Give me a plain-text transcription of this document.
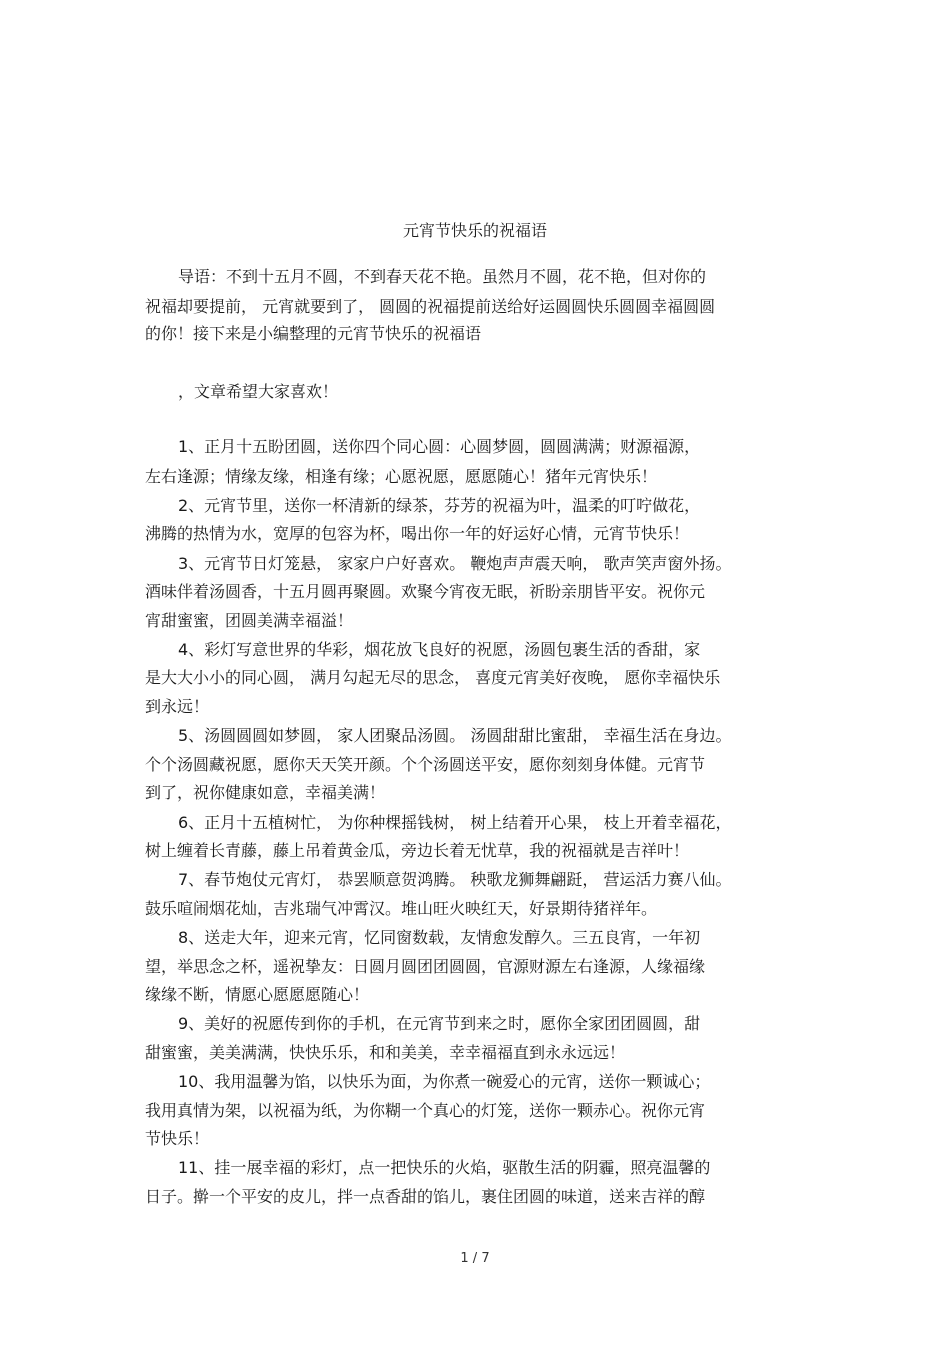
元宵节快乐的祝福语
导语：不到十五月不圆，不到春天花不艳。虽然月不圆，花不艳，但对你的
祝福却要提前， 元宵就要到了， 圆圆的祝福提前送给好运圆圆快乐圆圆幸福圆圆
的你！接下来是小编整理的元宵节快乐的祝福语
，文章希望大家喜欢！
1、正月十五盼团圆，送你四个同心圆：心圆梦圆，圆圆满满；财源福源，
左右逢源；情缘友缘，相逢有缘；心愿祝愿，愿愿随心！猪年元宵快乐！
2、元宵节里，送你一杯清新的绿茶，芬芳的祝福为叶，温柔的叮咛做花，
沸腾的热情为水，宽厚的包容为杯，喝出你一年的好运好心情，元宵节快乐！
3、元宵节日灯笼悬， 家家户户好喜欢。 鞭炮声声震天响， 歌声笑声窗外扬。
酒味伴着汤圆香，十五月圆再聚圆。欢聚今宵夜无眠，祈盼亲朋皆平安。祝你元
宵甜蜜蜜，团圆美满幸福溢！
4、彩灯写意世界的华彩，烟花放飞良好的祝愿，汤圆包裹生活的香甜，家
是大大小小的同心圆， 满月勾起无尽的思念， 喜度元宵美好夜晚， 愿你幸福快乐
到永远！
5、汤圆圆圆如梦圆， 家人团聚品汤圆。 汤圆甜甜比蜜甜， 幸福生活在身边。
个个汤圆藏祝愿，愿你天天笑开颜。个个汤圆送平安，愿你刻刻身体健。元宵节
到了，祝你健康如意，幸福美满！
6、正月十五植树忙， 为你种棵摇钱树， 树上结着开心果， 枝上开着幸福花，
树上缠着长青藤，藤上吊着黄金瓜，旁边长着无忧草，我的祝福就是吉祥叶！
7、春节炮仗元宵灯， 恭罢顺意贺鸿腾。 秧歌龙狮舞翩跹， 营运活力赛八仙。
鼓乐喧闹烟花灿，吉兆瑞气冲霄汉。堆山旺火映红天，好景期待猪祥年。
8、送走大年，迎来元宵，忆同窗数载，友情愈发醇久。三五良宵，一年初
望，举思念之杯，遥祝挚友：日圆月圆团团圆圆，官源财源左右逢源，人缘福缘
缘缘不断，情愿心愿愿愿随心！
9、美好的祝愿传到你的手机，在元宵节到来之时，愿你全家团团圆圆，甜
甜蜜蜜，美美满满，快快乐乐，和和美美，幸幸福福直到永永远远！
10、我用温馨为馅，以快乐为面，为你煮一碗爱心的元宵，送你一颗诚心；
我用真情为架，以祝福为纸，为你糊一个真心的灯笼，送你一颗赤心。祝你元宵
节快乐！
11、挂一展幸福的彩灯，点一把快乐的火焰，驱散生活的阴霾，照亮温馨的
日子。擀一个平安的皮儿，拌一点香甜的馅儿，裹住团圆的味道，送来吉祥的醇
1 / 7
